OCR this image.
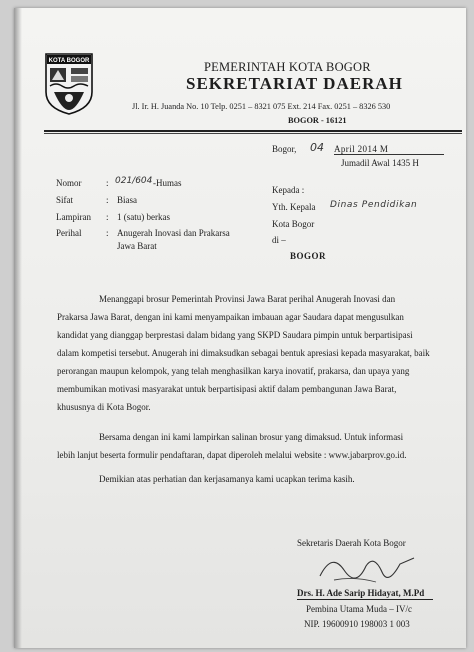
KOTA BOGOR	PEMERINTAH KOTA BOGOR
SEKRETARIAT DAERAH
Jl. Ir. H. Juanda No. 10 Telp. 0251 – 8321 075 Ext. 214 Fax. 0251 – 8326 530
BOGOR - 16121
Bogor, 04 April 2014 M
Jumadil Awal 1435 H
Nomor	: 021/604 -Humas
Sifat	: Biasa
Lampiran : 1 (satu) berkas
Perihal	: Anugerah Inovasi dan Prakarsa
Jawa Barat
Kepada :
Yth. Kepala Dinas Pendidikan
Kota Bogor
di –
BOGOR
Menanggapi brosur Pemerintah Provinsi Jawa Barat perihal Anugerah Inovasi dan
Prakarsa Jawa Barat, dengan ini kami menyampaikan imbauan agar Saudara dapat mengusulkan
kandidat yang dianggap berprestasi dalam bidang yang SKPD Saudara pimpin untuk berpartisipasi
dalam kompetisi tersebut. Anugerah ini dimaksudkan sebagai bentuk apresiasi kepada masyarakat, baik
perorangan maupun kelompok, yang telah menghasilkan karya inovatif, prakarsa, dan upaya yang
membumikan motivasi masyarakat untuk berpartisipasi aktif dalam pembangunan Jawa Barat,
khususnya di Kota Bogor.
Bersama dengan ini kami lampirkan salinan brosur yang dimaksud. Untuk informasi
lebih lanjut beserta formulir pendaftaran, dapat diperoleh melalui website : www.jabarprov.go.id.
Demikian atas perhatian dan kerjasamanya kami ucapkan terima kasih.
Sekretaris Daerah Kota Bogor
Drs. H. Ade Sarip Hidayat, M.Pd
Pembina Utama Muda – IV/c
NIP. 19600910 198003 1 003
